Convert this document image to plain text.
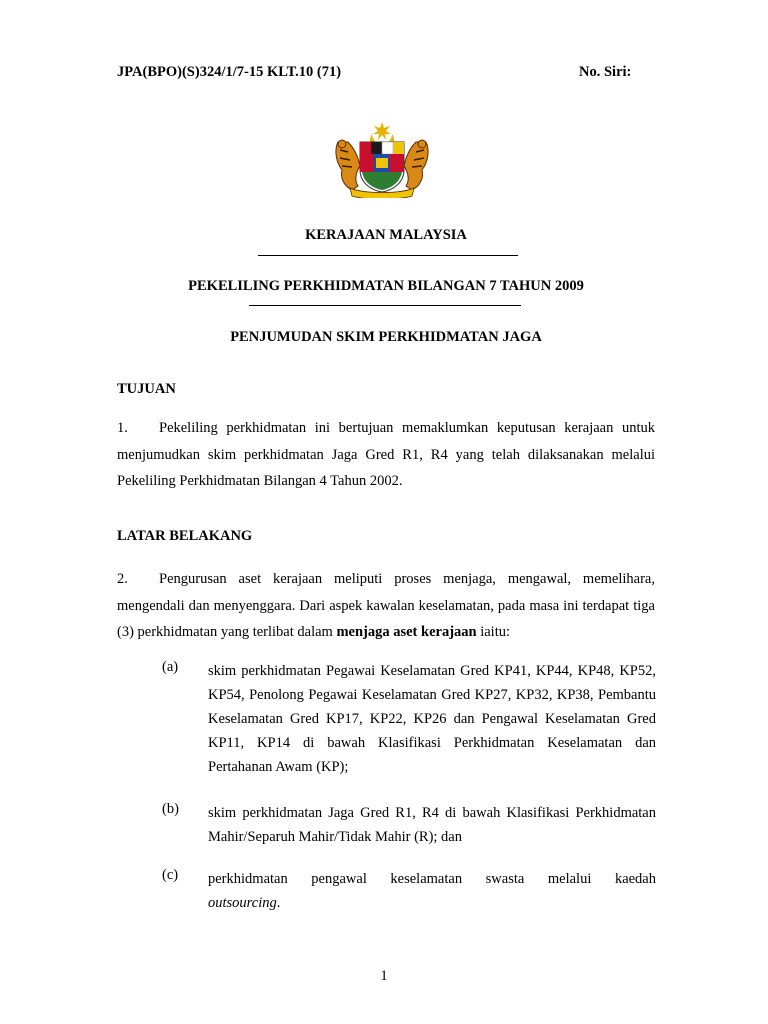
JPA(BPO)(S)324/1/7-15 KLT.10 (71)	No. Siri:
KERAJAAN MALAYSIA
PEKELILING PERKHIDMATAN BILANGAN 7 TAHUN 2009
PENJUMUDAN SKIM PERKHIDMATAN JAGA
TUJUAN
1. Pekeliling perkhidmatan ini bertujuan memaklumkan keputusan kerajaan untuk menjumudkan skim perkhidmatan Jaga Gred R1, R4 yang telah dilaksanakan melalui Pekeliling Perkhidmatan Bilangan 4 Tahun 2002.
LATAR BELAKANG
2. Pengurusan aset kerajaan meliputi proses menjaga, mengawal, memelihara, mengendali dan menyenggara. Dari aspek kawalan keselamatan, pada masa ini terdapat tiga (3) perkhidmatan yang terlibat dalam menjaga aset kerajaan iaitu:
(a) skim perkhidmatan Pegawai Keselamatan Gred KP41, KP44, KP48, KP52, KP54, Penolong Pegawai Keselamatan Gred KP27, KP32, KP38, Pembantu Keselamatan Gred KP17, KP22, KP26 dan Pengawal Keselamatan Gred KP11, KP14 di bawah Klasifikasi Perkhidmatan Keselamatan dan Pertahanan Awam (KP);
(b) skim perkhidmatan Jaga Gred R1, R4 di bawah Klasifikasi Perkhidmatan Mahir/Separuh Mahir/Tidak Mahir (R); dan
(c) perkhidmatan pengawal keselamatan swasta melalui kaedah
outsourcing.
1
